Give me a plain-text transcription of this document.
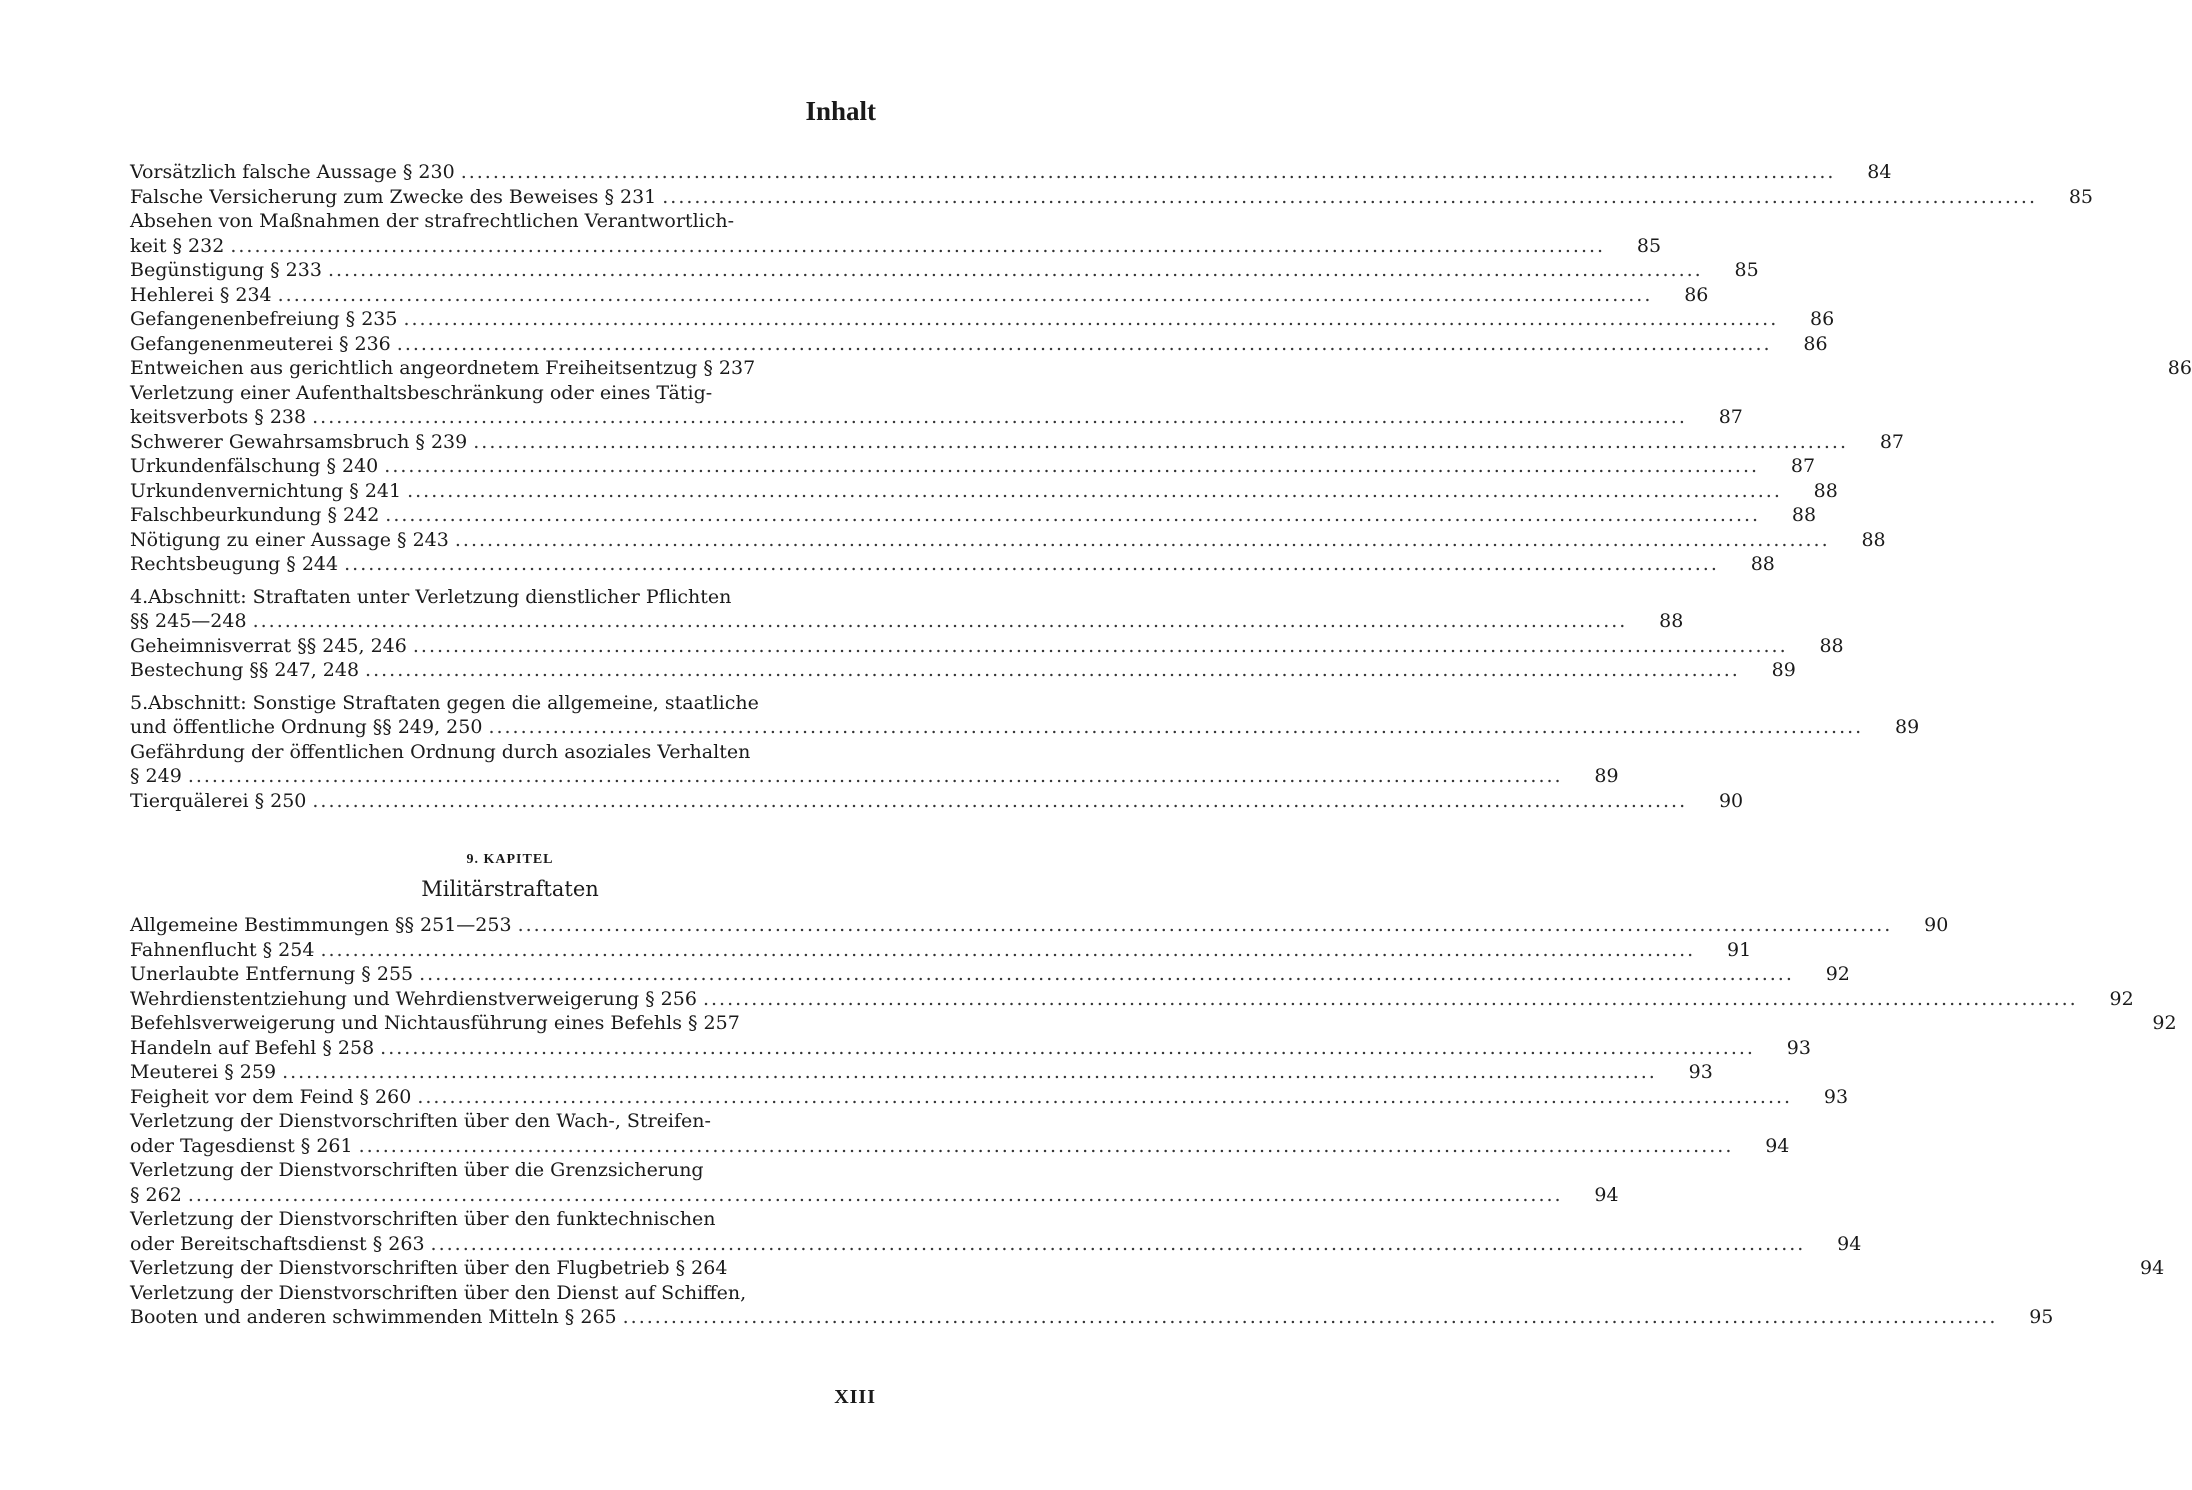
Inhalt
Vorsätzlich falsche Aussage § 230 .....	84
Falsche Versicherung zum Zwecke des Beweises § 231 .....	85
Absehen von Maßnahmen der strafrechtlichen Verantwortlich-
keit § 232 .....	85
Begünstigung § 233 .....	85
Hehlerei § 234 .....	86
Gefangenenbefreiung § 235 .....	86
Gefangenenmeuterei § 236 .....	86
Entweichen aus gerichtlich angeordnetem Freiheitsentzug § 237	86
Verletzung einer Aufenthaltsbeschränkung oder eines Tätig-
keitsverbots § 238 .....	87
Schwerer Gewahrsamsbruch § 239 .....	87
Urkundenfälschung § 240 .....	87
Urkundenvernichtung § 241 .....	88
Falschbeurkundung § 242 .....	88
Nötigung zu einer Aussage § 243 .....	88
Rechtsbeugung § 244 .....	88
4. Abschnitt: Straftaten unter Verletzung dienstlicher Pflichten
§§ 245—248 .....	88
Geheimnisverrat §§ 245, 246 .....	88
Bestechung §§ 247, 248 .....	89
5. Abschnitt: Sonstige Straftaten gegen die allgemeine, staatliche
und öffentliche Ordnung §§ 249, 250 .....	89
Gefährdung der öffentlichen Ordnung durch asoziales Verhalten
§ 249 .....	89
Tierquälerei § 250 .....	90
9. KAPITEL
Militärstraftaten
Allgemeine Bestimmungen §§ 251—253 .....	90
Fahnenflucht § 254 .....	91
Unerlaubte Entfernung § 255 .....	92
Wehrdienstentziehung und Wehrdienstverweigerung § 256 .....	92
Befehlsverweigerung und Nichtausführung eines Befehls § 257	92
Handeln auf Befehl § 258 .....	93
Meuterei § 259 .....	93
Feigheit vor dem Feind § 260 .....	93
Verletzung der Dienstvorschriften über den Wach-, Streifen-
oder Tagesdienst § 261 .....	94
Verletzung der Dienstvorschriften über die Grenzsicherung
§ 262 .....	94
Verletzung der Dienstvorschriften über den funktechnischen
oder Bereitschaftsdienst § 263 .....	94
Verletzung der Dienstvorschriften über den Flugbetrieb § 264	94
Verletzung der Dienstvorschriften über den Dienst auf Schiffen,
Booten und anderen schwimmenden Mitteln § 265 .....	95
XIII
